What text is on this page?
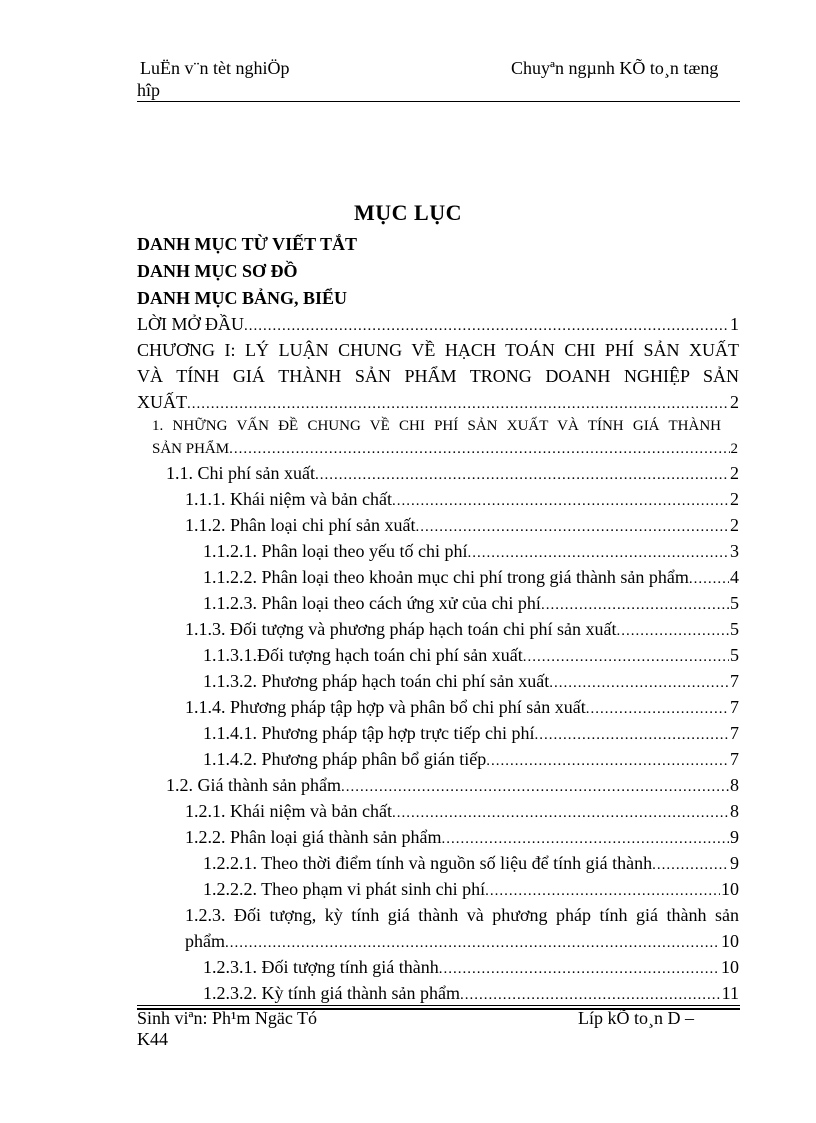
LuËn v¨n tèt nghiÖp
hîp
Chuyªn ngµnh KÕ to¸n tæng
MỤC LỤC
DANH MỤC TỪ VIẾT TẮT
DANH MỤC SƠ ĐỒ
DANH MỤC BẢNG, BIỂU
LỜI MỞ ĐẦU .....	1
CHƯƠNG I: LÝ LUẬN CHUNG VỀ HẠCH TOÁN CHI PHÍ SẢN XUẤT
VÀ TÍNH GIÁ THÀNH SẢN PHẨM TRONG DOANH NGHIỆP SẢN
XUẤT .....	2
1. NHỮNG VẤN ĐỀ CHUNG VỀ CHI PHÍ SẢN XUẤT VÀ TÍNH GIÁ THÀNH
SẢN PHẨM .....	2
1.1. Chi phí sản xuất .....	2
1.1.1. Khái niệm và bản chất .....	2
1.1.2. Phân loại chi phí sản xuất .....	2
1.1.2.1. Phân loại theo yếu tố chi phí .....	3
1.1.2.2. Phân loại theo khoản mục chi phí trong giá thành sản phẩm ..... 4
1.1.2.3. Phân loại theo cách ứng xử của chi phí .....	5
1.1.3. Đối tượng và phương pháp hạch toán chi phí sản xuất .....	5
1.1.3.1.Đối tượng hạch toán chi phí sản xuất .....	5
1.1.3.2. Phương pháp hạch toán chi phí sản xuất .....	7
1.1.4. Phương pháp tập hợp và phân bổ chi phí sản xuất .....	7
1.1.4.1. Phương pháp tập hợp trực tiếp chi phí .....	7
1.1.4.2. Phương pháp phân bổ gián tiếp .....	7
1.2. Giá thành sản phẩm .....	8
1.2.1. Khái niệm và bản chất .....	8
1.2.2. Phân loại giá thành sản phẩm .....	9
1.2.2.1. Theo thời điểm tính và nguồn số liệu để tính giá thành .....	9
1.2.2.2. Theo phạm vi phát sinh chi phí .....	10
1.2.3. Đối tượng, kỳ tính giá thành và phương pháp tính giá thành sản
phẩm .....	10
1.2.3.1. Đối tượng tính giá thành .....	10
1.2.3.2. Kỳ tính giá thành sản phẩm .....	11
Sinh viªn: Ph¹m Ngäc Tó
K44
Líp kÕ to¸n D –
